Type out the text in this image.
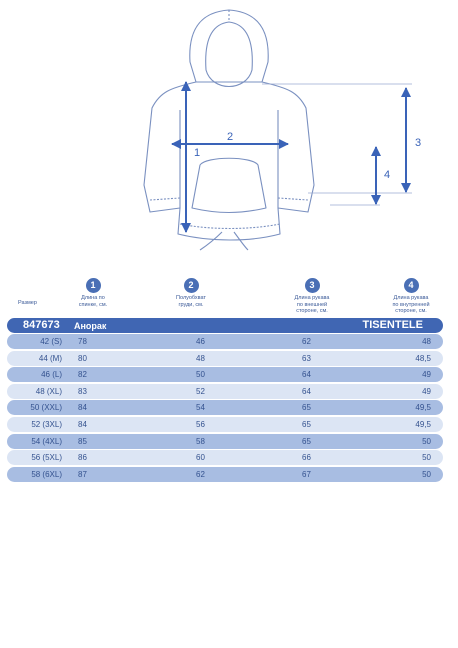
1
2	3
4
1
Длина по
спинке, см.
2
Полуобхват
груди, см.
3
Длина рукава
по внешней
стороне, см.
4
Длина рукава
по внутренней
стороне, см.
Размер
847673 Анорак	TISENTELE
42 (S) 78	46	62	48
44 (M) 80	48	63	48,5
46 (L) 82	50	64	49
48 (XL) 83	52	64	49
50 (XXL) 84	54	65	49,5
52 (3XL) 84	56	65	49,5
54 (4XL) 85	58	65	50
56 (5XL) 86	60	66	50
58 (6XL) 87	62	67	50
